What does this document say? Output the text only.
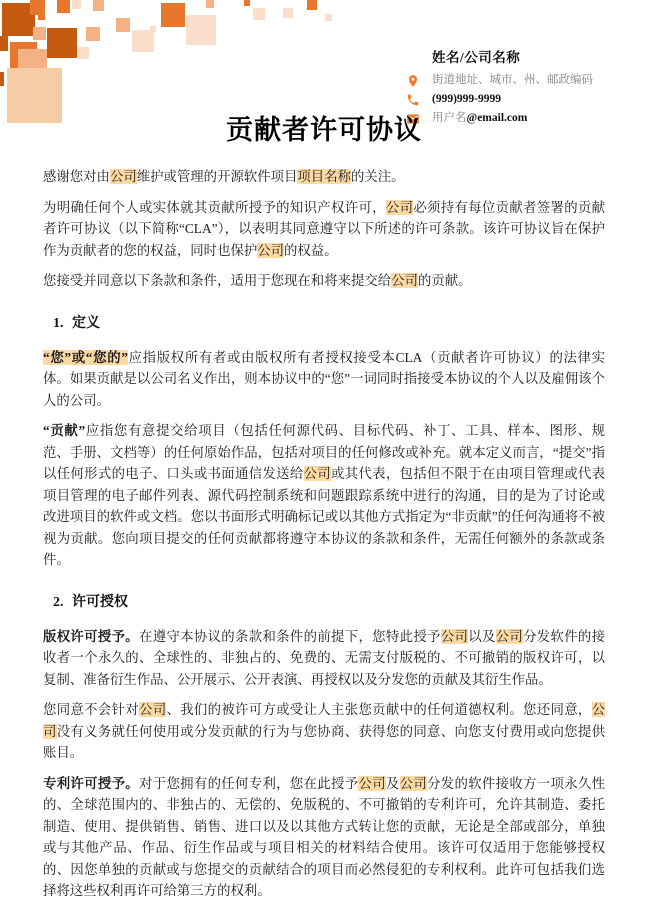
姓名/公司名称
街道地址、城市、州、邮政编码
(999)999-9999
用户名 @email.com
贡献者许可协议

感谢您对由公司维护或管理的开源软件项目项目名称的关注。

为明确任何个人或实体就其贡献所授予的知识产权许可，公司必须持有每位贡献者签署的贡献者许可协议（以下简称“CLA”），以表明其同意遵守以下所述的许可条款。该许可协议旨在保护作为贡献者的您的权益，同时也保护公司的权益。

您接受并同意以下条款和条件，适用于您现在和将来提交给公司的贡献。

1. 定义

“您”或“您的”应指版权所有者或由版权所有者授权接受本CLA（贡献者许可协议）的法律实体。如果贡献是以公司名义作出，则本协议中的“您”一词同时指接受本协议的个人以及雇佣该个人的公司。

“贡献”应指您有意提交给项目（包括任何源代码、目标代码、补丁、工具、样本、图形、规范、手册、文档等）的任何原始作品，包括对项目的任何修改或补充。就本定义而言，“提交”指以任何形式的电子、口头或书面通信发送给公司或其代表，包括但不限于在由项目管理或代表项目管理的电子邮件列表、源代码控制系统和问题跟踪系统中进行的沟通，目的是为了讨论或改进项目的软件或文档。您以书面形式明确标记或以其他方式指定为“非贡献”的任何沟通将不被视为贡献。您向项目提交的任何贡献都将遵守本协议的条款和条件，无需任何额外的条款或条件。

2. 许可授权

版权许可授予。在遵守本协议的条款和条件的前提下，您特此授予公司以及公司分发软件的接收者一个永久的、全球性的、非独占的、免费的、无需支付版税的、不可撤销的版权许可，以复制、准备衍生作品、公开展示、公开表演、再授权以及分发您的贡献及其衍生作品。

您同意不会针对公司、我们的被许可方或受让人主张您贡献中的任何道德权利。您还同意，公司没有义务就任何使用或分发贡献的行为与您协商、获得您的同意、向您支付费用或向您提供账目。

专利许可授予。对于您拥有的任何专利，您在此授予公司及公司分发的软件接收方一项永久性的、全球范围内的、非独占的、无偿的、免版税的、不可撤销的专利许可，允许其制造、委托制造、使用、提供销售、销售、进口以及以其他方式转让您的贡献，无论是全部或部分，单独或与其他产品、作品、衍生作品或与项目相关的材料结合使用。该许可仅适用于您能够授权的、因您单独的贡献或与您提交的贡献结合的项目而必然侵犯的专利权利。此许可包括我们选择将这些权利再许可给第三方的权利。
